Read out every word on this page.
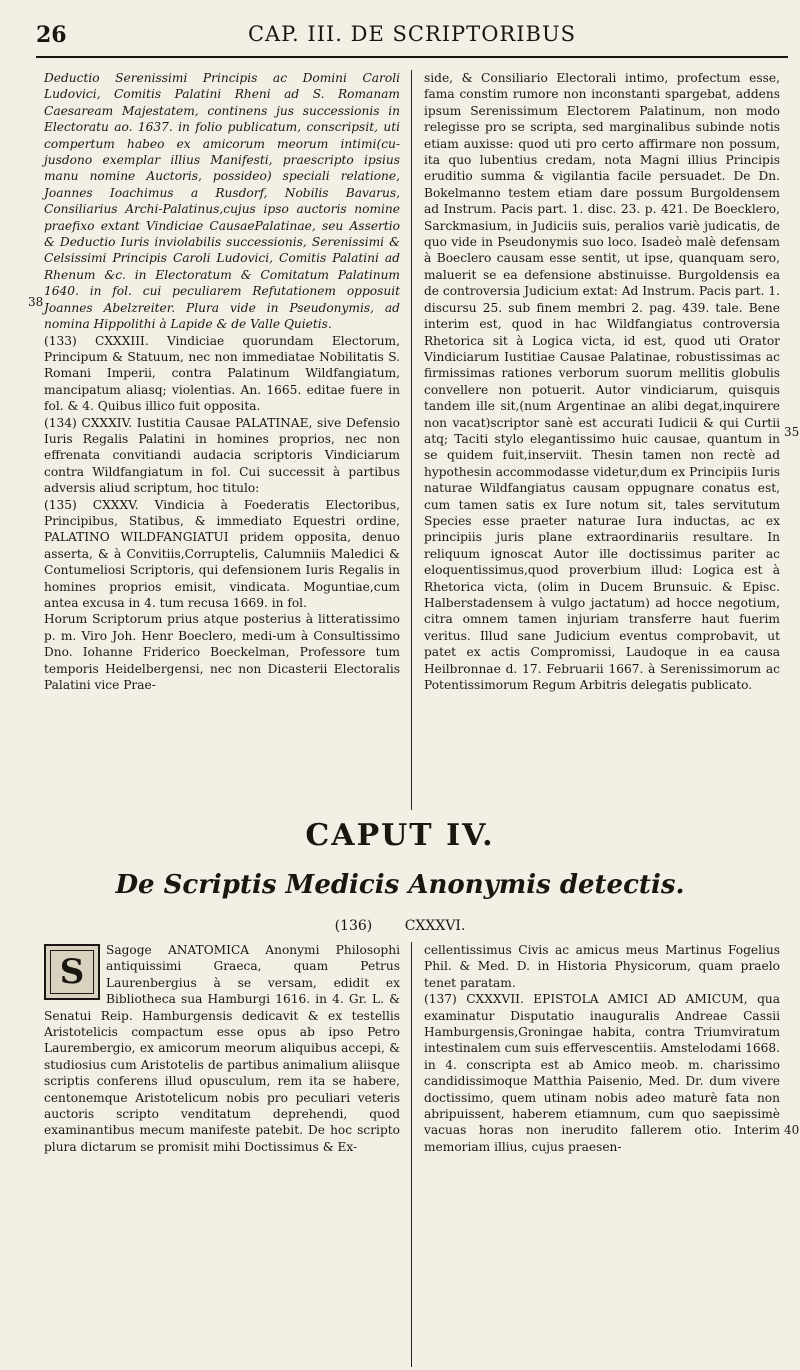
26	CAP. III. DE SCRIPTORIBUS

Deductio Serenissimi Principis ac Domini Caroli Ludovici, Comitis Palatini Rheni ad S. Romanam Caesaream Majestatem, continens jus successionis in Electoratu ao. 1637. in folio publicatum, conscripsit, uti compertum habeo ex amicorum meorum intimi(cu-jusdono exemplar illius Manifesti, praescripto ipsius manu nomine Auctoris, possideo) speciali relatione, Joannes Ioachimus a Rusdorf, Nobilis Bavarus, Consiliarius Archi-Palatinus,cujus ipso auctoris nomine praefixo extant Vindiciae CausaePalatinae, seu Assertio & Deductio Iuris inviolabilis successionis, Serenissimi & Celsissimi Principis Caroli Ludovici, Comitis Palatini ad Rhenum &c. in Electoratum & Comitatum Palatinum 1640. in fol. cui peculiarem Refutationem opposuit Joannes Abelzreiter. Plura vide in Pseudonymis, ad nomina Hippolithi à Lapide & de Valle Quietis.

(133) CXXXIII. Vindiciae quorundam Electorum, Principum & Statuum, nec non immediatae Nobilitatis S. Romani Imperii, contra Palatinum Wildfangiatum, mancipatum aliasq; violentias. An. 1665. editae fuere in fol. & 4. Quibus illico fuit opposita.

(134) CXXXIV. Iustitia Causae PALATINAE, sive Defensio Iuris Regalis Palatini in homines proprios, nec non effrenata convitiandi audacia scriptoris Vindiciarum contra Wildfangiatum in fol. Cui successit à partibus adversis aliud scriptum, hoc titulo:

(135) CXXXV. Vindicia à Foederatis Electoribus, Principibus, Statibus, & immediato Equestri ordine, PALATINO WILDFANGIATUI pridem opposita, denuo asserta, & à Convitiis,Corruptelis, Calumniis Maledici & Contumeliosi Scriptoris, qui defensionem Iuris Regalis in homines proprios emisit, vindicata. Moguntiae,cum antea excusa in 4. tum recusa 1669. in fol.

Horum Scriptorum prius atque posterius à litteratissimo p. m. Viro Joh. Henr Boeclero, medi-um à Consultissimo Dno. Iohanne Friderico Boeckelman, Professore tum temporis Heidelbergensi, nec non Dicasterii Electoralis Palatini vice Prae-

38

side, & Consiliario Electorali intimo, profectum esse, fama constim rumore non inconstanti spargebat, addens ipsum Serenissimum Electorem Palatinum, non modo relegisse pro se scripta, sed marginalibus subinde notis etiam auxisse: quod uti pro certo affirmare non possum, ita quo lubentius credam, nota Magni illius Principis eruditio summa & vigilantia facile persuadet. De Dn. Bokelmanno testem etiam dare possum Burgoldensem ad Instrum. Pacis part. 1. disc. 23. p. 421. De Boecklero, Sarckmasium, in Judiciis suis, peralios variè judicatis, de quo vide in Pseudonymis suo loco. Isadeò malè defensam à Boeclero causam esse sentit, ut ipse, quanquam sero, maluerit se ea defensione abstinuisse. Burgoldensis ea de controversia Judicium extat: Ad Instrum. Pacis part. 1. discursu 25. sub finem membri 2. pag. 439. tale. Bene interim est, quod in hac Wildfangiatus controversia Rhetorica sit à Logica victa, id est, quod uti Orator Vindiciarum Iustitiae Causae Palatinae, robustissimas ac firmissimas rationes verborum suorum mellitis globulis convellere non potuerit. Autor vindiciarum, quisquis tandem ille sit,(num Argentinae an alibi degat,inquirere non vacat)scriptor sanè est accurati Iudicii & qui Curtii atq; Taciti stylo elegantissimo huic causae, quantum in se quidem fuit,inserviit. Thesin tamen non rectè ad hypothesin accommodasse videtur,dum ex Principiis Iuris naturae Wildfangiatus causam oppugnare conatus est, cum tamen satis ex Iure notum sit, tales servitutum Species esse praeter naturae Iura inductas, ac ex principiis juris plane extraordinariis resultare. In reliquum ignoscat Autor ille doctissimus pariter ac eloquentissimus,quod proverbium illud: Logica est à Rhetorica victa, (olim in Ducem Brunsuic. & Episc. Halberstadensem à vulgo jactatum) ad hocce negotium, citra omnem tamen injuriam transferre haut fuerim veritus. Illud sane Judicium eventus comprobavit, ut patet ex actis Compromissi, Laudoque in ea causa Heilbronnae d. 17. Februarii 1667. à Serenissimorum ac Potentissimorum Regum Arbitris delegatis publicato.

35
CAPUT IV.
De Scriptis Medicis Anonymis detectis.
(136) CXXXVI.
S

Sagoge ANATOMICA Anonymi Philosophi antiquissimi Graeca, quam Petrus Laurenbergius à se versam, edidit ex Bibliotheca sua Hamburgi 1616. in 4. Gr. L. & Senatui Reip. Hamburgensis dedicavit & ex testellis Aristotelicis compactum esse opus ab ipso Petro Laurembergio, ex amicorum meorum aliquibus accepi, & studiosius cum Aristotelis de partibus animalium aliisque scriptis conferens illud opusculum, rem ita se habere, centonemque Aristotelicum nobis pro peculiari veteris auctoris scripto venditatum deprehendi, quod examinantibus mecum manifeste patebit. De hoc scripto plura dictarum se promisit mihi Doctissimus & Ex-

cellentissimus Civis ac amicus meus Martinus Fogelius Phil. & Med. D. in Historia Physicorum, quam praelo tenet paratam.

(137) CXXXVII. EPISTOLA AMICI AD AMICUM, qua examinatur Disputatio inauguralis Andreae Cassii Hamburgensis,Groningae habita, contra Triumviratum intestinalem cum suis effervescentiis. Amstelodami 1668. in 4. conscripta est ab Amico meob. m. charissimo candidissimoque Matthia Paisenio, Med. Dr. dum vivere doctissimo, quem utinam nobis adeo maturè fata non abripuissent, haberem etiamnum, cum quo saepissimè vacuas horas non inerudito fallerem otio. Interim memoriam illius, cujus praesen-

40
